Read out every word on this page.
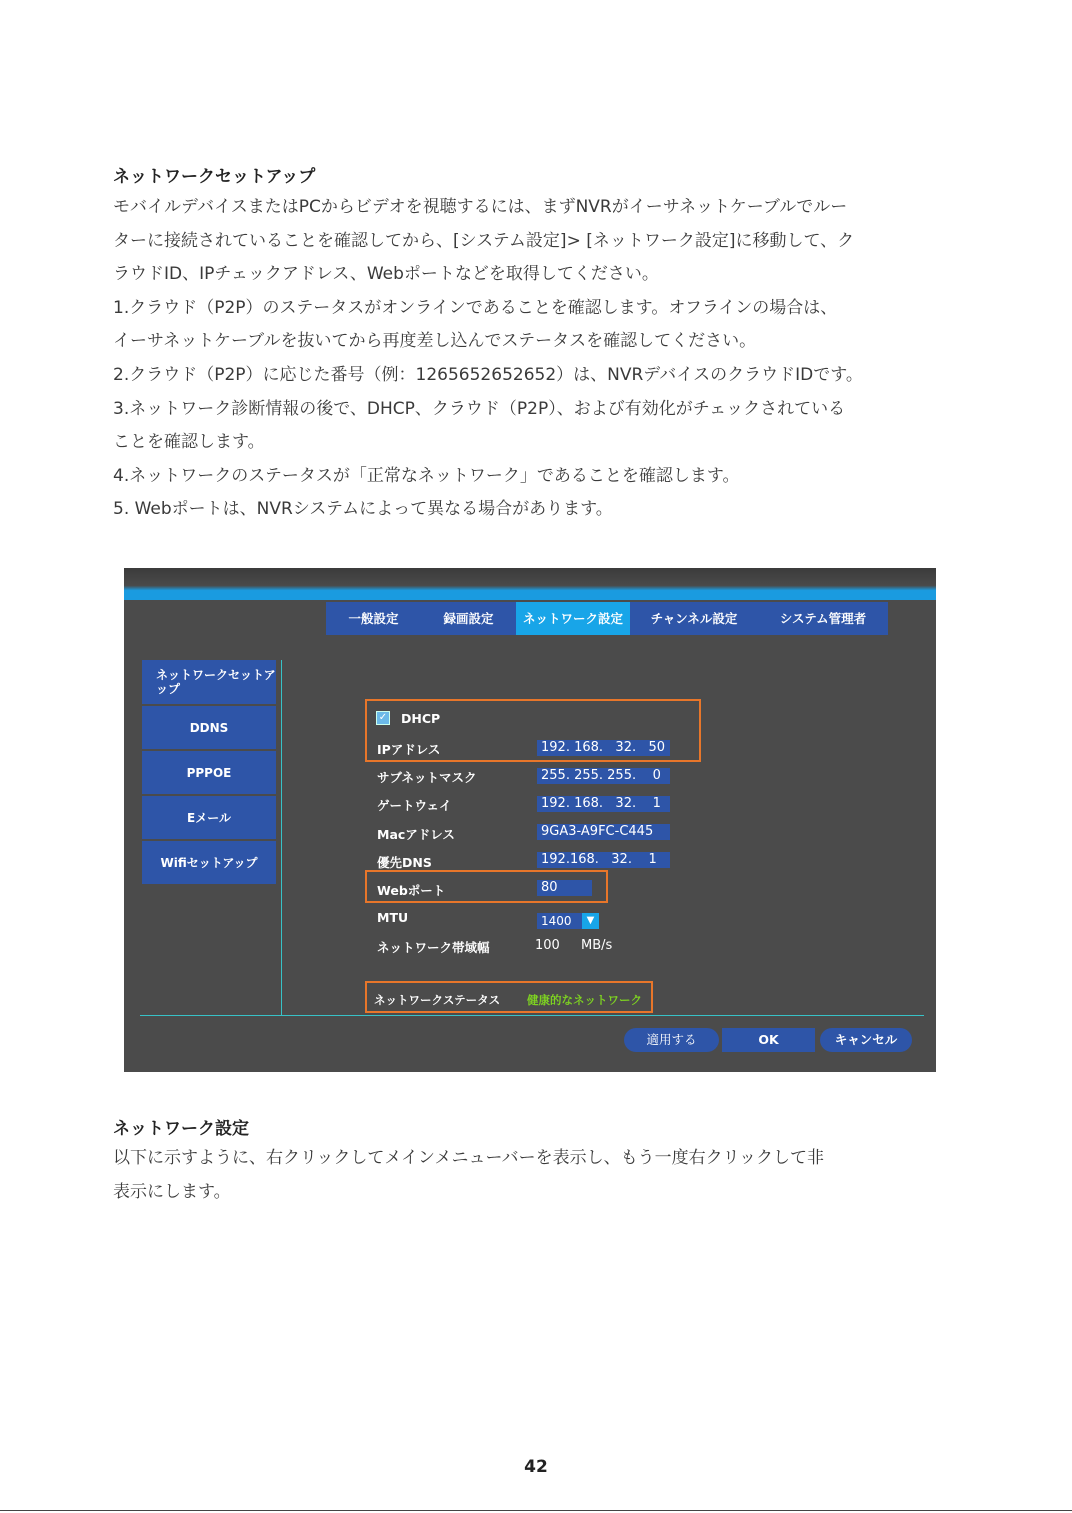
ネットワークセットアップ
モバイルデバイスまたはPCからビデオを視聴するには、まずNVRがイーサネットケーブルでルー
ターに接続されていることを確認してから、[システム設定]> [ネットワーク設定]に移動して、ク
ラウドID、IPチェックアドレス、Webポートなどを取得してください。
1.クラウド（P2P）のステータスがオンラインであることを確認します。オフラインの場合は、
イーサネットケーブルを抜いてから再度差し込んでステータスを確認してください。
2.クラウド（P2P）に応じた番号（例：1265652652652）は、NVRデバイスのクラウドIDです。
3.ネットワーク診断情報の後で、DHCP、クラウド（P2P）、および有効化がチェックされている
ことを確認します。
4.ネットワークのステータスが「正常なネットワーク」であることを確認します。
5. Webポートは、NVRシステムによって異なる場合があります。
一般設定	録画設定	ネットワーク設定	チャンネル設定	システム管理者
ネットワークセットアップ
DDNS
PPPOE
Eメール
Wifiセットアップ
✓ DHCP
IPアドレス	192. 168.   32.   50
サブネットマスク	255. 255. 255.    0
ゲートウェイ	192. 168.   32.    1
Macアドレス	9GA3-A9FC-C445
優先DNS	192.168.   32.    1
Webポート	80
MTU	1400	▼
ネットワーク帯域幅	100 MB/s
ネットワークステータス 健康的なネットワーク
適用する	OK	キャンセル
ネットワーク設定
以下に示すように、右クリックしてメインメニューバーを表示し、もう一度右クリックして非
表示にします。
42
